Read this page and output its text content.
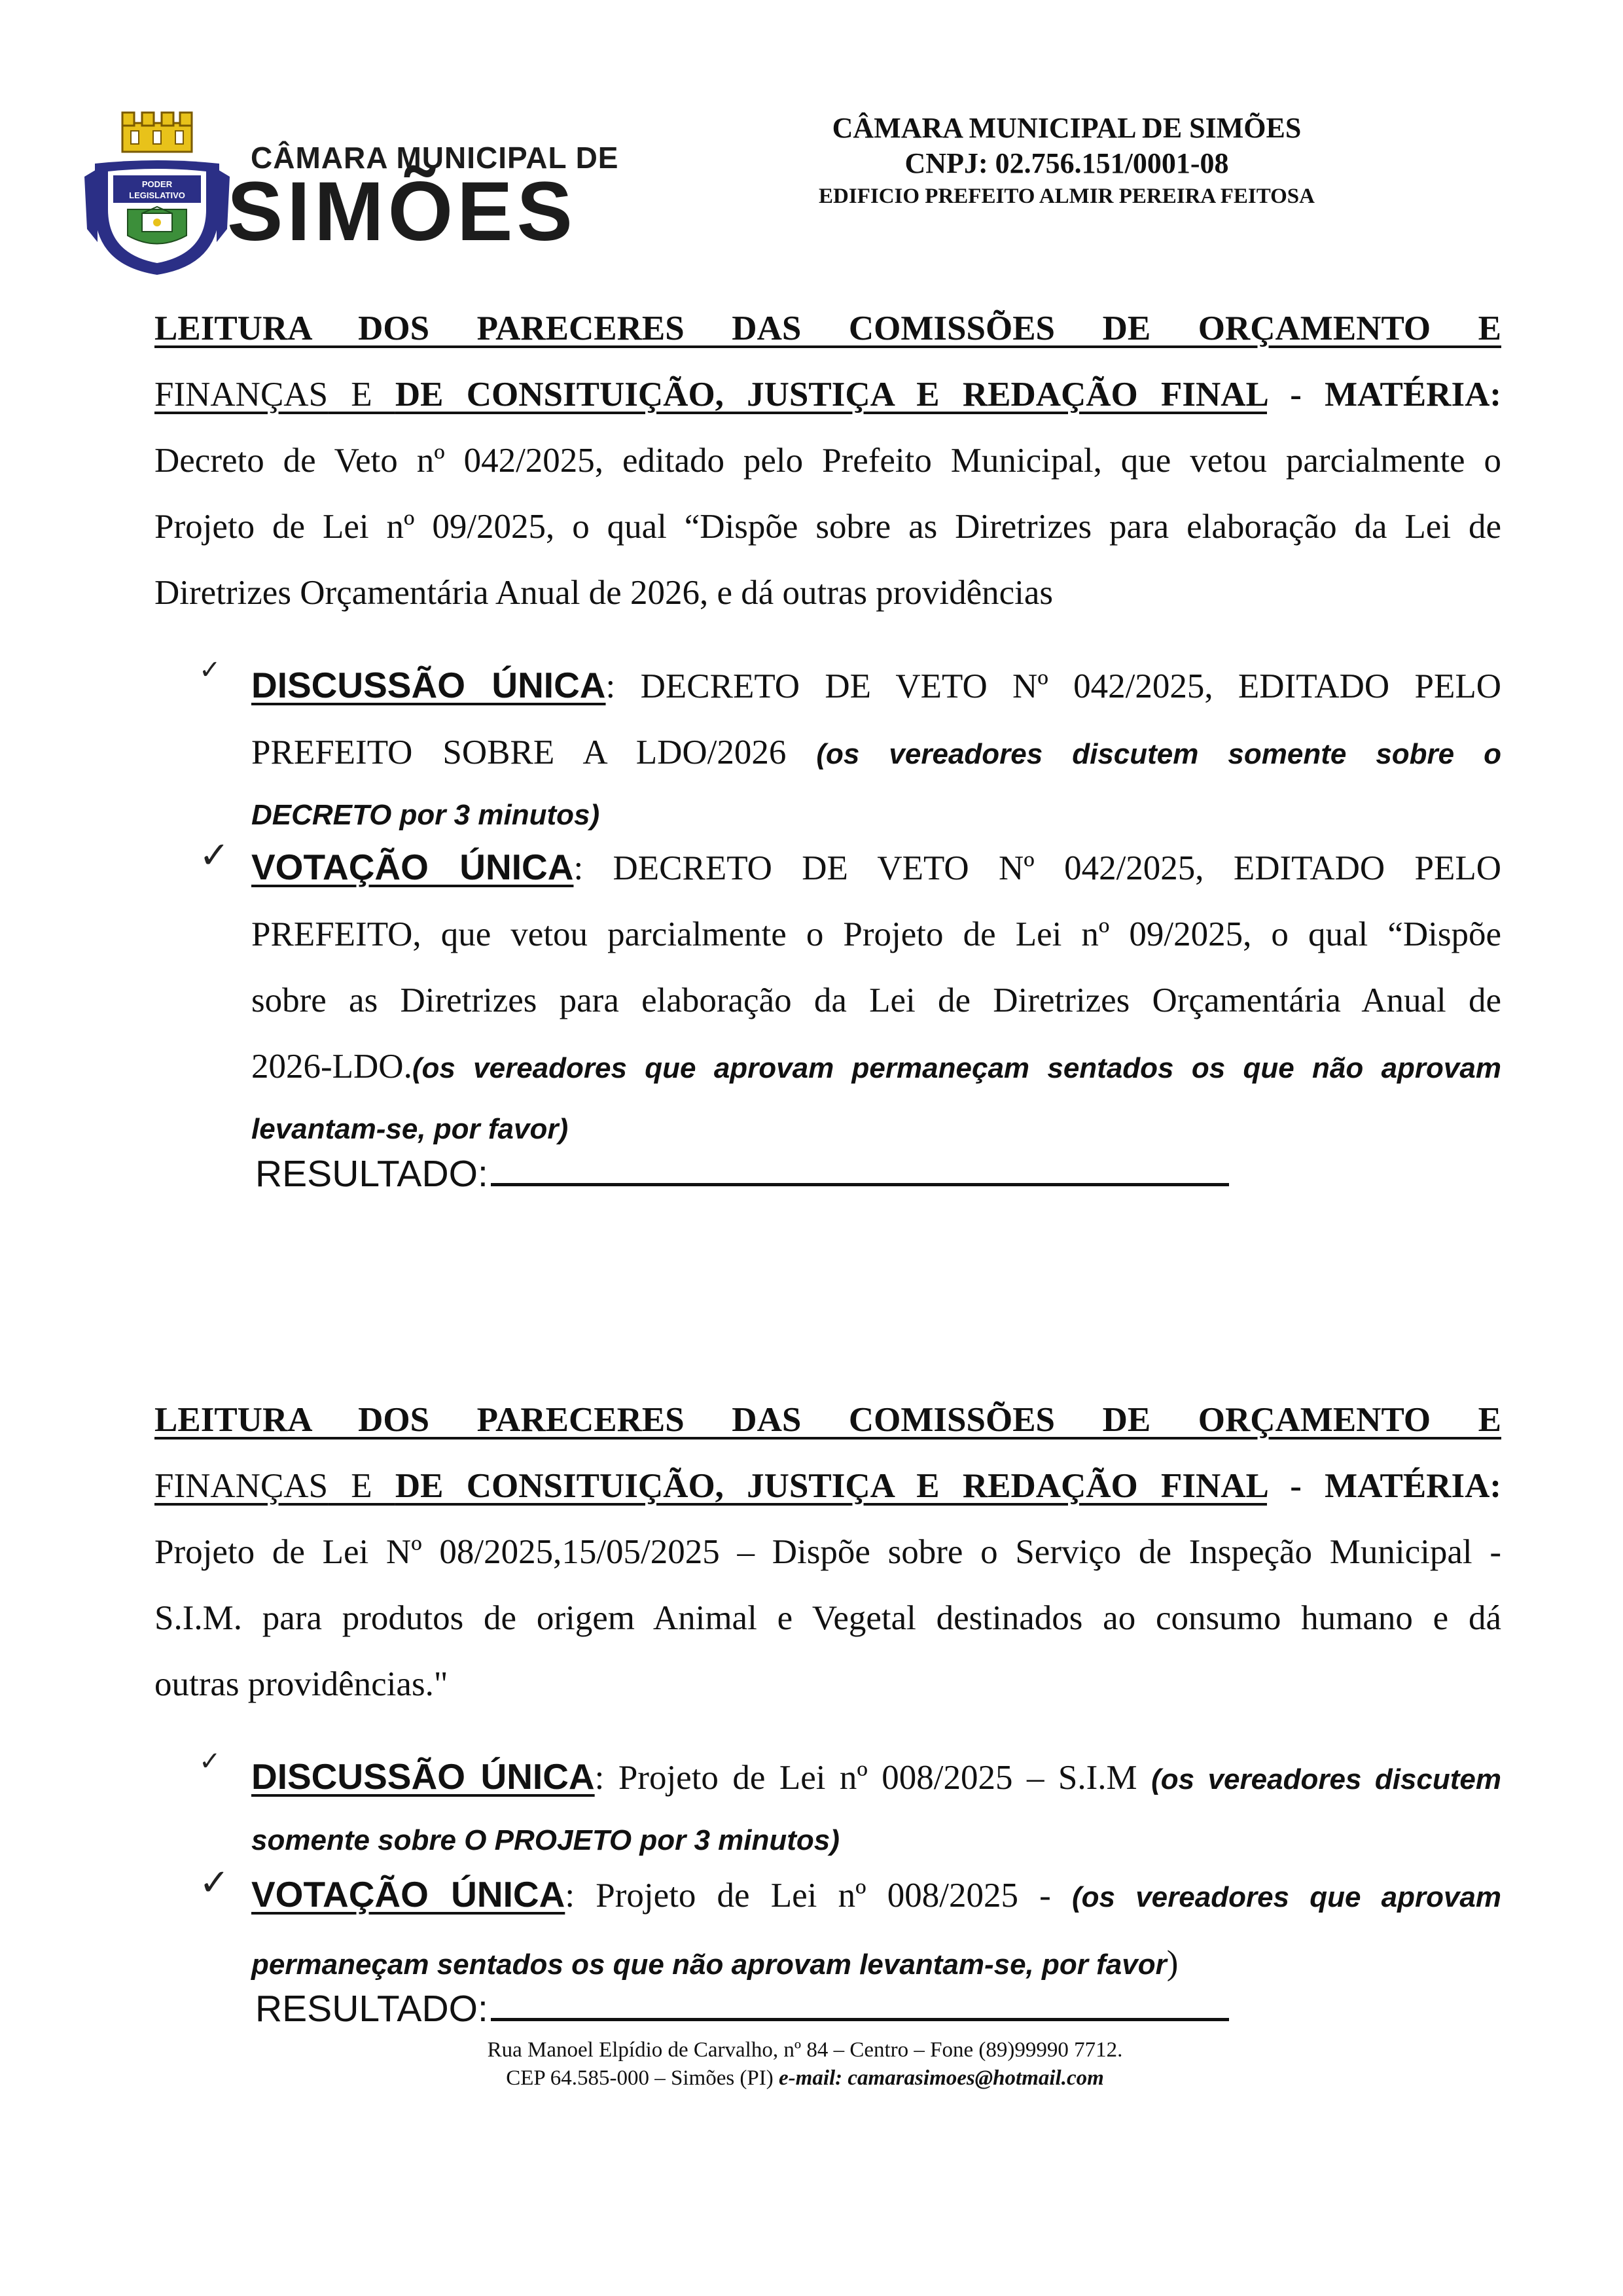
PODER
LEGISLATIVO
CÂMARA MUNICIPAL DE
SIMÕES
CÂMARA MUNICIPAL DE SIMÕES
CNPJ: 02.756.151/0001-08
EDIFICIO PREFEITO ALMIR PEREIRA FEITOSA
LEITURA DOS PARECERES DAS COMISSÕES DE ORÇAMENTO E
FINANÇAS E DE CONSITUIÇÃO, JUSTIÇA E REDAÇÃO FINAL - MATÉRIA:
Decreto de Veto nº 042/2025, editado pelo Prefeito Municipal, que vetou parcialmente o
Projeto de Lei nº 09/2025, o qual “Dispõe sobre as Diretrizes para elaboração da Lei de
Diretrizes Orçamentária Anual de 2026, e dá outras providências
✓ DISCUSSÃO ÚNICA: DECRETO DE VETO Nº 042/2025, EDITADO PELO
PREFEITO SOBRE A LDO/2026 (os vereadores discutem somente sobre o
DECRETO por 3 minutos)
✓ VOTAÇÃO ÚNICA: DECRETO DE VETO Nº 042/2025, EDITADO PELO
PREFEITO, que vetou parcialmente o Projeto de Lei nº 09/2025, o qual “Dispõe
sobre as Diretrizes para elaboração da Lei de Diretrizes Orçamentária Anual de
2026-LDO.(os vereadores que aprovam permaneçam sentados os que não aprovam
levantam-se, por favor)
RESULTADO:
LEITURA DOS PARECERES DAS COMISSÕES DE ORÇAMENTO E
FINANÇAS E DE CONSITUIÇÃO, JUSTIÇA E REDAÇÃO FINAL - MATÉRIA:
Projeto de Lei Nº 08/2025,15/05/2025 – Dispõe sobre o Serviço de Inspeção Municipal -
S.I.M. para produtos de origem Animal e Vegetal destinados ao consumo humano e dá
outras providências."
✓ DISCUSSÃO ÚNICA: Projeto de Lei nº 008/2025 – S.I.M (os vereadores discutem
somente sobre O PROJETO por 3 minutos)
✓ VOTAÇÃO ÚNICA: Projeto de Lei nº 008/2025 - (os vereadores que aprovam
permaneçam sentados os que não aprovam levantam-se, por favor)
RESULTADO:
Rua Manoel Elpídio de Carvalho, nº 84 – Centro – Fone (89)99990 7712.
CEP 64.585-000 – Simões (PI) e-mail: camarasimoes@hotmail.com
